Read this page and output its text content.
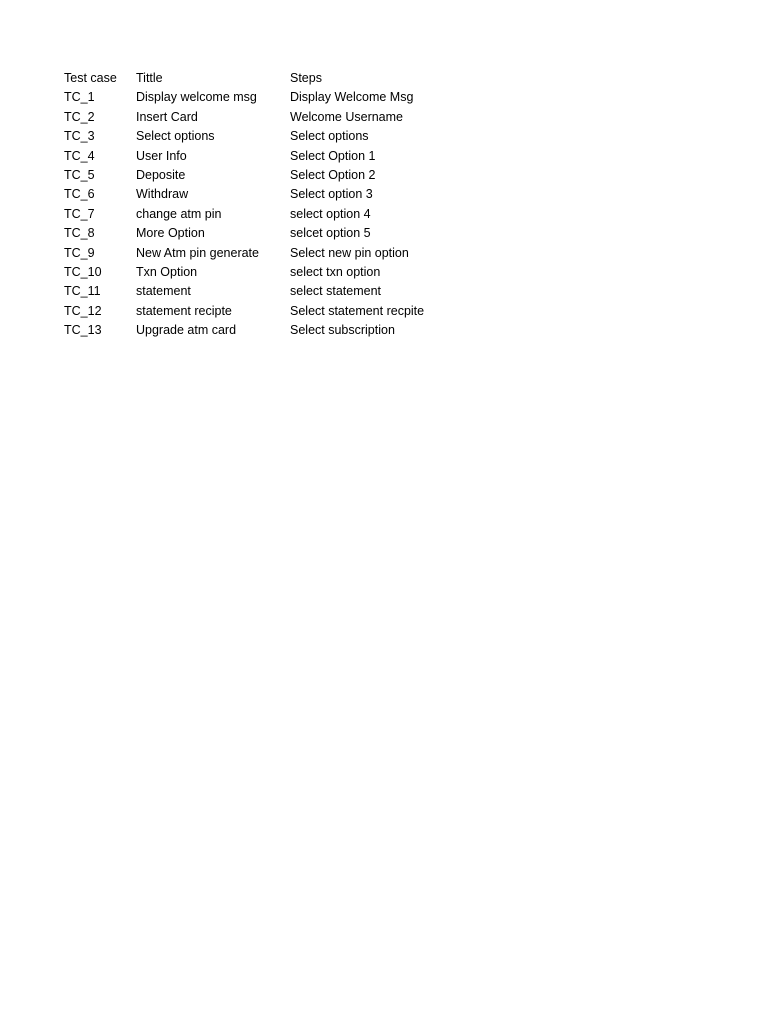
Test case	Tittle	Steps
TC_1	Display welcome msg	Display Welcome Msg
TC_2	Insert Card	Welcome Username
TC_3	Select options	Select options
TC_4	User Info	Select Option 1
TC_5	Deposite	Select Option 2
TC_6	Withdraw	Select option 3
TC_7	change atm pin	select option 4
TC_8	More Option	selcet option 5
TC_9	New Atm pin generate	Select new pin option
TC_10	Txn Option	select txn option
TC_11	statement	select statement
TC_12	statement recipte	Select statement recpite
TC_13	Upgrade atm card	Select subscription
